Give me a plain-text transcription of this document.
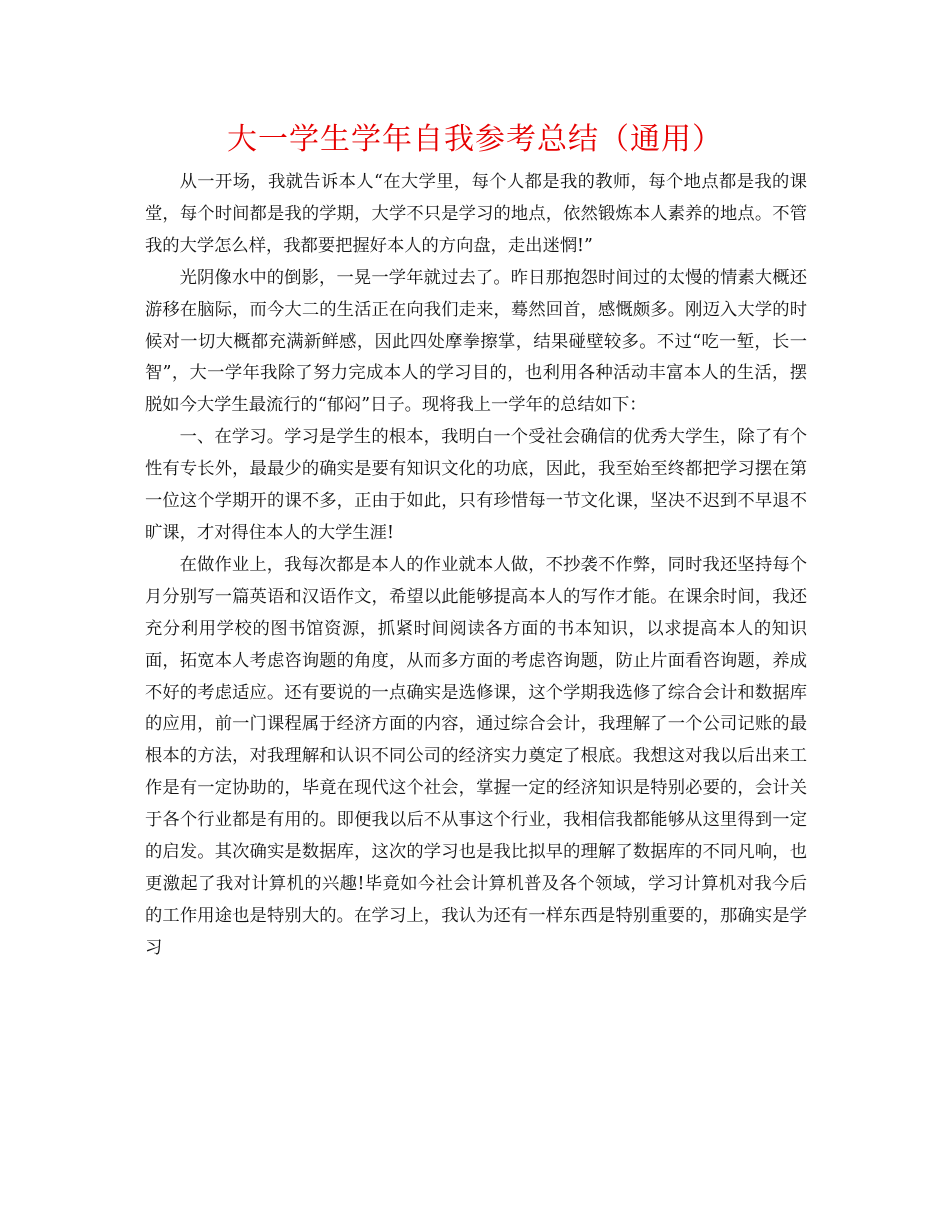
大一学生学年自我参考总结（通用）

从一开场，我就告诉本人“在大学里，每个人都是我的教师，每个地点都是我的课堂，每个时间都是我的学期，大学不只是学习的地点，依然锻炼本人素养的地点。不管我的大学怎么样，我都要把握好本人的方向盘，走出迷惘!”

光阴像水中的倒影，一晃一学年就过去了。昨日那抱怨时间过的太慢的情素大概还游移在脑际，而今大二的生活正在向我们走来，蓦然回首，感慨颇多。刚迈入大学的时候对一切大概都充满新鲜感，因此四处摩拳擦掌，结果碰壁较多。不过“吃一堑，长一智”，大一学年我除了努力完成本人的学习目的，也利用各种活动丰富本人的生活，摆脱如今大学生最流行的“郁闷”日子。现将我上一学年的总结如下：

一、在学习。学习是学生的根本，我明白一个受社会确信的优秀大学生，除了有个性有专长外，最最少的确实是要有知识文化的功底，因此，我至始至终都把学习摆在第一位这个学期开的课不多，正由于如此，只有珍惜每一节文化课，坚决不迟到不早退不旷课，才对得住本人的大学生涯!

在做作业上，我每次都是本人的作业就本人做，不抄袭不作弊，同时我还坚持每个月分别写一篇英语和汉语作文，希望以此能够提高本人的写作才能。在课余时间，我还充分利用学校的图书馆资源，抓紧时间阅读各方面的书本知识，以求提高本人的知识面，拓宽本人考虑咨询题的角度，从而多方面的考虑咨询题，防止片面看咨询题，养成不好的考虑适应。还有要说的一点确实是选修课，这个学期我选修了综合会计和数据库的应用，前一门课程属于经济方面的内容，通过综合会计，我理解了一个公司记账的最根本的方法，对我理解和认识不同公司的经济实力奠定了根底。我想这对我以后出来工作是有一定协助的，毕竟在现代这个社会，掌握一定的经济知识是特别必要的，会计关于各个行业都是有用的。即便我以后不从事这个行业，我相信我都能够从这里得到一定的启发。其次确实是数据库，这次的学习也是我比拟早的理解了数据库的不同凡响，也更激起了我对计算机的兴趣!毕竟如今社会计算机普及各个领域，学习计算机对我今后的工作用途也是特别大的。在学习上，我认为还有一样东西是特别重要的，那确实是学习
